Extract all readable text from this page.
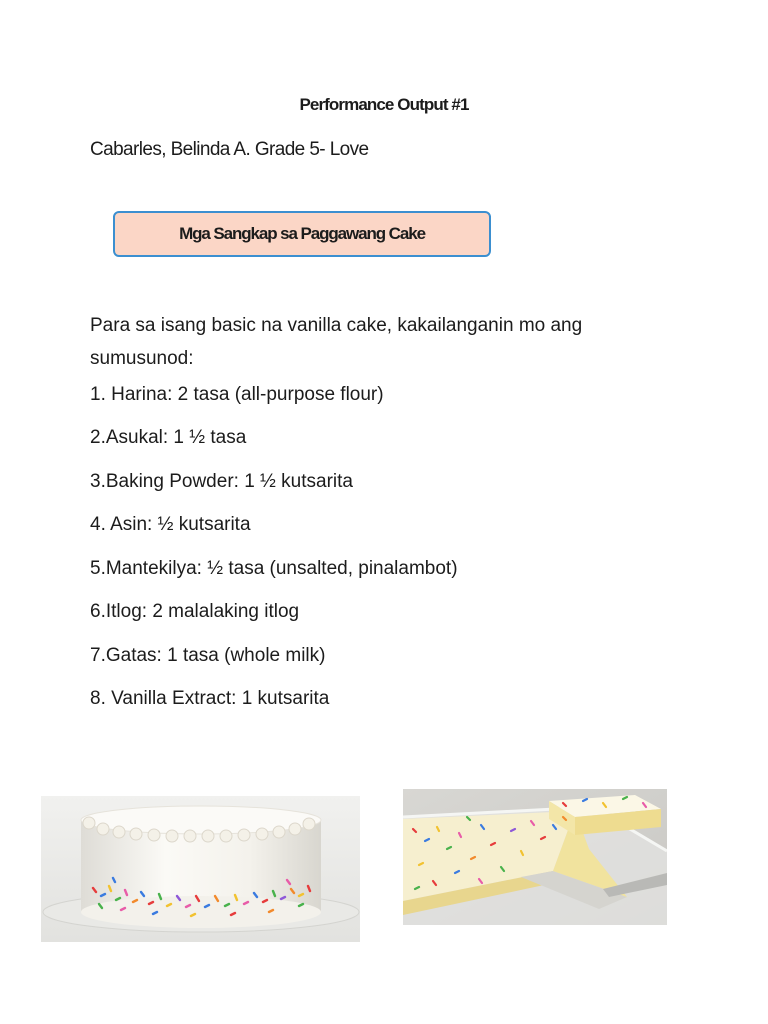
Performance Output #1
Cabarles, Belinda A. Grade 5- Love
Mga Sangkap sa Paggawang Cake
Para sa isang basic na vanilla cake, kakailanganin mo ang sumusunod:
1. Harina: 2 tasa (all-purpose flour)
2.Asukal: 1 ½ tasa
3.Baking Powder: 1 ½ kutsarita
4. Asin: ½ kutsarita
5.Mantekilya: ½ tasa (unsalted, pinalambot)
6.Itlog: 2 malalaking itlog
7.Gatas: 1 tasa (whole milk)
8. Vanilla Extract: 1 kutsarita
